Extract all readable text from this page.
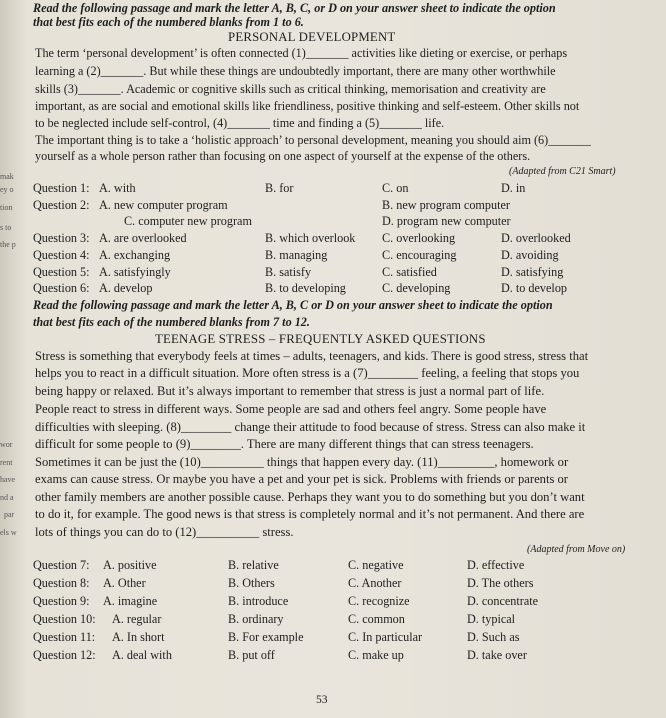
Read the following passage and mark the letter A, B, C, or D on your answer sheet to indicate the option
that best fits each of the numbered blanks from 1 to 6.
PERSONAL DEVELOPMENT
The term ‘personal development’ is often connected (1)_______ activities like dieting or exercise, or perhaps
learning a (2)_______. But while these things are undoubtedly important, there are many other worthwhile
skills (3)_______. Academic or cognitive skills such as critical thinking, memorisation and creativity are
important, as are social and emotional skills like friendliness, positive thinking and self-esteem. Other skills not
to be neglected include self-control, (4)_______ time and finding a (5)_______ life.
The important thing is to take a ‘holistic approach’ to personal development, meaning you should aim (6)_______
yourself as a whole person rather than focusing on one aspect of yourself at the expense of the others.
(Adapted from C21 Smart)
Question 1: A. with	B. for	C. on	D. in
Question 2: A. new computer program	B. new program computer
C. computer new program	D. program new computer
Question 3: A. are overlooked	B. which overlook C. overlooking	D. overlooked
Question 4: A. exchanging	B. managing	C. encouraging	D. avoiding
Question 5: A. satisfyingly	B. satisfy	C. satisfied	D. satisfying
Question 6: A. develop	B. to developing	C. developing	D. to develop
Read the following passage and mark the letter A, B, C or D on your answer sheet to indicate the option
that best fits each of the numbered blanks from 7 to 12.
TEENAGE STRESS – FREQUENTLY ASKED QUESTIONS
Stress is something that everybody feels at times – adults, teenagers, and kids. There is good stress, stress that
helps you to react in a difficult situation. More often stress is a (7)________ feeling, a feeling that stops you
being happy or relaxed. But it’s always important to remember that stress is just a normal part of life.
People react to stress in different ways. Some people are sad and others feel angry. Some people have
difficulties with sleeping. (8)________ change their attitude to food because of stress. Stress can also make it
difficult for some people to (9)________. There are many different things that can stress teenagers.
Sometimes it can be just the (10)__________ things that happen every day. (11)_________, homework or
exams can cause stress. Or maybe you have a pet and your pet is sick. Problems with friends or parents or
other family members are another possible cause. Perhaps they want you to do something but you don’t want
to do it, for example. The good news is that stress is completely normal and it’s not permanent. And there are
lots of things you can do to (12)__________ stress.
(Adapted from Move on)
Question 7: A. positive	B. relative	C. negative	D. effective
Question 8: A. Other	B. Others	C. Another	D. The others
Question 9: A. imagine	B. introduce	C. recognize	D. concentrate
Question 10: A. regular	B. ordinary	C. common	D. typical
Question 11: A. In short	B. For example	C. In particular	D. Such as
Question 12: A. deal with	B. put off	C. make up	D. take over
mak
ey o
tion
s to
the p
wor
rent
have
nd a
par
els w
53
